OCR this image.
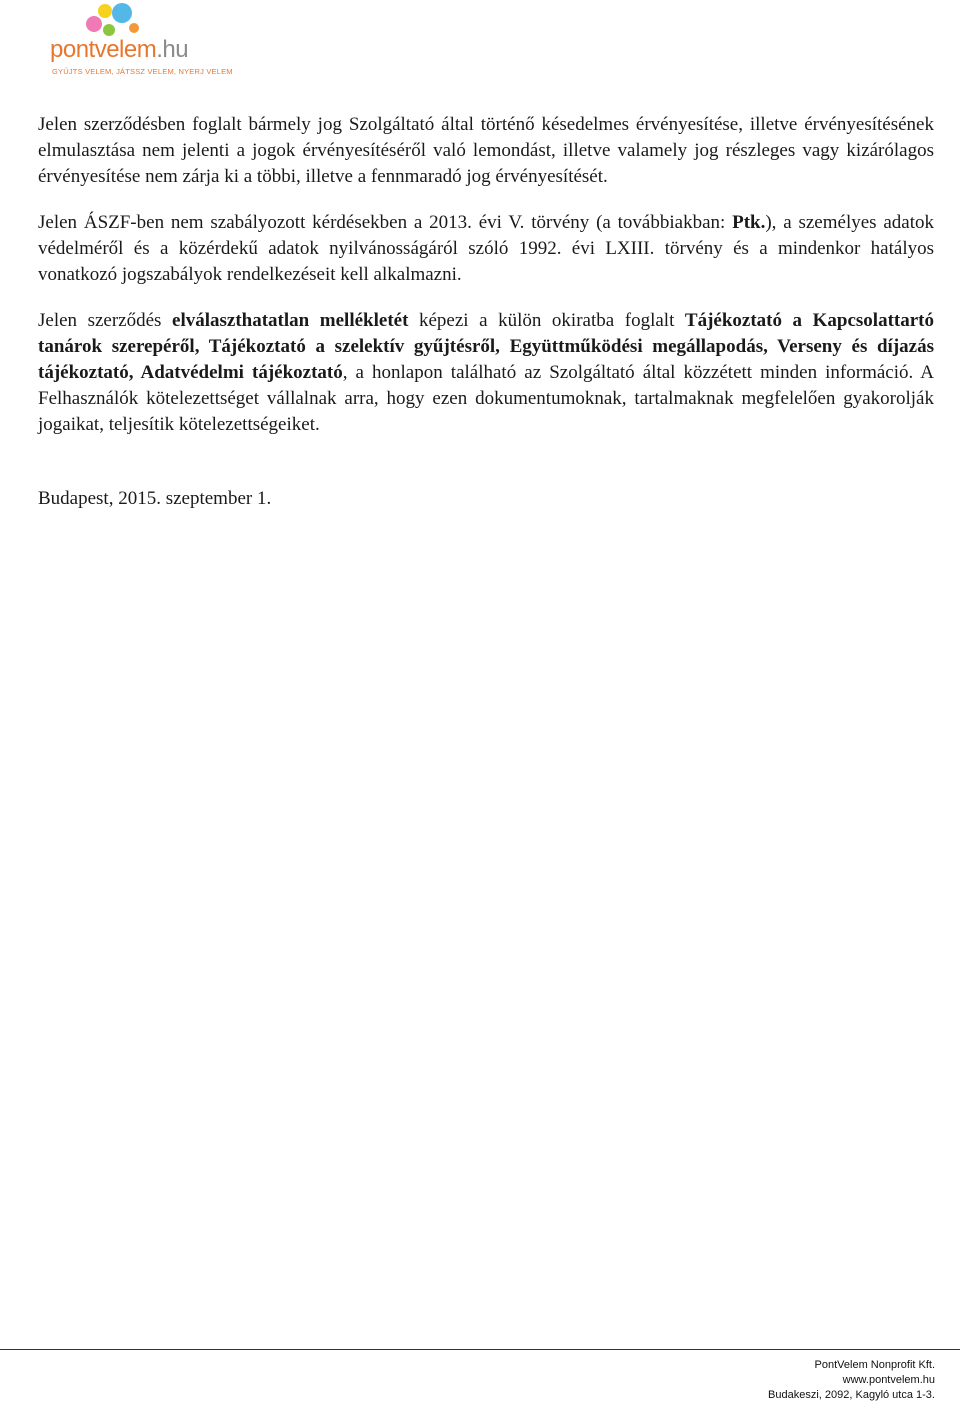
pontvelem.hu
GYŰJTS VELEM, JÁTSSZ VELEM, NYERJ VELEM

Jelen szerződésben foglalt bármely jog Szolgáltató által történő késedelmes érvényesítése, illetve érvényesítésének elmulasztása nem jelenti a jogok érvényesítéséről való lemondást, illetve valamely jog részleges vagy kizárólagos érvényesítése nem zárja ki a többi, illetve a fennmaradó jog érvényesítését.

Jelen ÁSZF-ben nem szabályozott kérdésekben a 2013. évi V. törvény (a továbbiakban: Ptk.), a személyes adatok védelméről és a közérdekű adatok nyilvánosságáról szóló 1992. évi LXIII. törvény és a mindenkor hatályos vonatkozó jogszabályok rendelkezéseit kell alkalmazni.

Jelen szerződés elválaszthatatlan mellékletét képezi a külön okiratba foglalt Tájékoztató a Kapcsolattartó tanárok szerepéről, Tájékoztató a szelektív gyűjtésről, Együttműködési megállapodás, Verseny és díjazás tájékoztató, Adatvédelmi tájékoztató, a honlapon található az Szolgáltató által közzétett minden információ. A Felhasználók kötelezettséget vállalnak arra, hogy ezen dokumentumoknak, tartalmaknak megfelelően gyakorolják jogaikat, teljesítik kötelezettségeiket.

Budapest, 2015. szeptember 1.

PontVelem Nonprofit Kft.
www.pontvelem.hu
Budakeszi, 2092, Kagyló utca 1-3.
